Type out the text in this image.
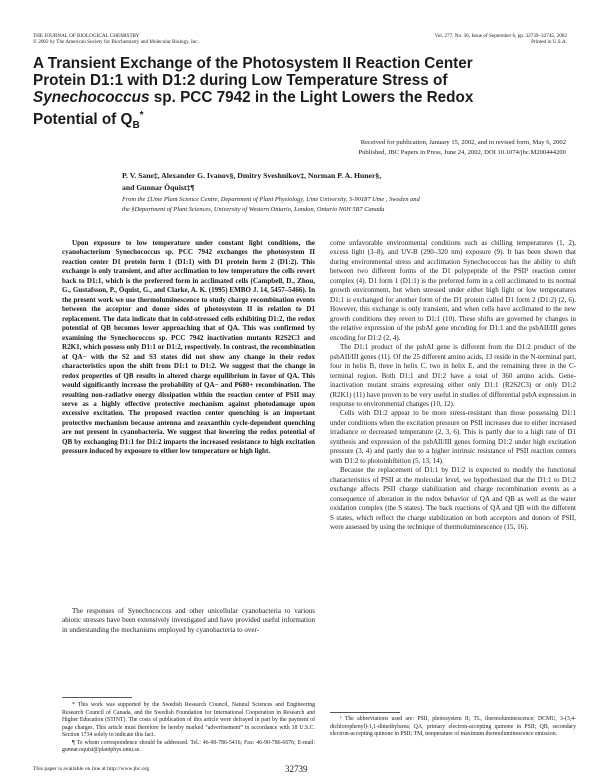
THE JOURNAL OF BIOLOGICAL CHEMISTRY
© 2002 by The American Society for Biochemistry and Molecular Biology, Inc.
Vol. 277, No. 36, Issue of September 6, pp. 32739–32745, 2002
Printed in U.S.A.
A Transient Exchange of the Photosystem II Reaction Center
Protein D1:1 with D1:2 during Low Temperature Stress of
Synechococcus sp. PCC 7942 in the Light Lowers the Redox
Potential of $Q_B^*$
Received for publication, January 15, 2002, and in revised form, May 6, 2002
Published, JBC Papers in Press, June 24, 2002, DOI 10.1074/jbc.M200444200
P. V. Sane‡, Alexander G. Ivanov§, Dmitry Sveshnikov‡, Norman P. A. Huner§,
and Gunnar Öquist‡¶
From the ‡Ume Plant Science Centre, Department of Plant Physiology, Ume University, S-90187 Ume , Sweden and
the §Department of Plant Sciences, University of Western Ontario, London, Ontario N6H 5B7 Canada

Upon exposure to low temperature under constant light conditions, the cyanobacterium Synechococcus sp. PCC 7942 exchanges the photosystem II reaction center D1 protein form 1 (D1:1) with D1 protein form 2 (D1:2). This exchange is only transient, and after acclimation to low temperature the cells revert back to D1:1, which is the preferred form in acclimated cells (Campbell, D., Zhou, G., Gustafsson, P., Öquist, G., and Clarke, A. K. (1995) EMBO J. 14, 5457–5466). In the present work we use thermoluminescence to study charge recombination events between the acceptor and donor sides of photosystem II in relation to D1 replacement. The data indicate that in cold-stressed cells exhibiting D1:2, the redox potential of QB becomes lower approaching that of QA. This was confirmed by examining the Synechococcus sp. PCC 7942 inactivation mutants R2S2C3 and R2K1, which possess only D1:1 or D1:2, respectively. In contrast, the recombination of QA− with the S2 and S3 states did not show any change in their redox characteristics upon the shift from D1:1 to D1:2. We suggest that the change in redox properties of QB results in altered charge equilibrium in favor of QA. This would significantly increase the probability of QA− and P680+ recombination. The resulting non-radiative energy dissipation within the reaction center of PSII may serve as a highly effective protective mechanism against photodamage upon excessive excitation. The proposed reaction center quenching is an important protective mechanism because antenna and zeaxanthin cycle-dependent quenching are not present in cyanobacteria. We suggest that lowering the redox potential of QB by exchanging D1:1 for D1:2 imparts the increased resistance to high excitation pressure induced by exposure to either low temperature or high light.

The responses of Synechococcus and other unicellular cyanobacteria to various abiotic stresses have been extensively investigated and have provided useful information in understanding the mechanisms employed by cyanobacteria to over-

* This work was supported by the Swedish Research Council, Natural Sciences and Engineering Research Council of Canada, and the Swedish Foundation for International Cooperation in Research and Higher Education (STINT). The costs of publication of this article were defrayed in part by the payment of page charges. This article must therefore be hereby marked “advertisement” in accordance with 18 U.S.C. Section 1734 solely to indicate this fact.

¶ To whom correspondence should be addressed. Tel.: 46-90-786-5416; Fax: 46-90-786-6676; E-mail: gunnar.oquist@plantphys.umu.se.

come unfavorable environmental conditions such as chilling temperatures (1, 2), excess light (3–8), and UV-B (290–320 nm) exposure (9). It has been shown that during environmental stress and acclimation Synechococcus has the ability to shift between two different forms of the D1 polypeptide of the PSII¹ reaction center complex (4). D1 form 1 (D1:1) is the preferred form in a cell acclimated to its normal growth environment, but when stressed under either high light or low temperatures D1:1 is exchanged for another form of the D1 protein called D1 form 2 (D1:2) (2, 6). However, this exchange is only transient, and when cells have acclimated to the new growth conditions they revert to D1:1 (10). These shifts are governed by changes in the relative expression of the psbAI gene encoding for D1:1 and the psbAII/III genes encoding for D1:2 (2, 4).

The D1:1 product of the psbAI gene is different from the D1:2 product of the psbAII/III genes (11). Of the 25 different amino acids, 13 reside in the N-terminal part, four in helix B, three in helix C, two in helix E, and the remaining three in the C-terminal region. Both D1:1 and D1:2 have a total of 360 amino acids. Gene-inactivation mutant strains expressing either only D1:1 (R2S2C3) or only D1:2 (R2K1) (11) have proven to be very useful in studies of differential psbA expression in response to environmental changes (10, 12).

Cells with D1:2 appear to be more stress-resistant than those possessing D1:1 under conditions when the excitation pressure on PSII increases due to either increased irradiance or decreased temperature (2, 3, 6). This is partly due to a high rate of D1 synthesis and expression of the psbAII/III genes forming D1:2 under high excitation pressure (3, 4) and partly due to a higher intrinsic resistance of PSII reaction centers with D1:2 to photoinhibition (5, 13, 14).

Because the replacement of D1:1 by D1:2 is expected to modify the functional characteristics of PSII at the molecular level, we hypothesized that the D1:1 to D1:2 exchange affects PSII charge stabilization and charge recombination events as a consequence of alteration in the redox behavior of QA and QB as well as the water oxidation complex (the S states). The back reactions of QA and QB with the different S states, which reflect the charge stabilization on both acceptors and donors of PSII, were assessed by using the technique of thermoluminescence (15, 16).

¹ The abbreviations used are: PSII, photosystem II; TL, thermoluminescence; DCMU, 3-(3,4-dichlorophenyl)-1,1-dimethylurea; QA, primary electron-accepting quinone in PSII; QB, secondary electron-accepting quinone in PSII; TM, temperature of maximum thermoluminescence emission.

This paper is available on line at http://www.jbc.org	32739
